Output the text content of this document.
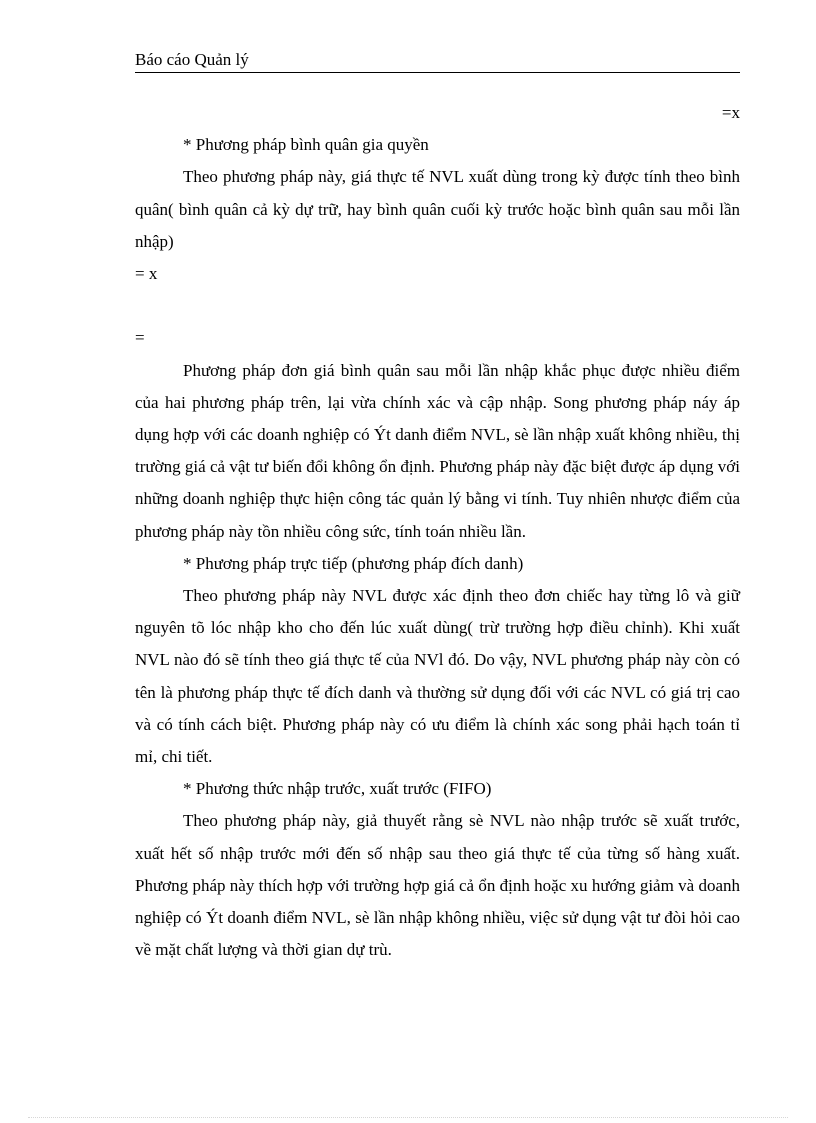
Báo cáo Quản lý

=x

* Phương pháp bình quân gia quyền

Theo phương pháp này, giá thực tế NVL xuất dùng trong kỳ được tính theo bình quân( bình quân cả kỳ dự trữ, hay bình quân cuối kỳ trước hoặc bình quân sau mỗi lần nhập)

= x

=

Phương pháp đơn giá bình quân sau mỗi lần nhập khắc phục được nhiều điểm của hai phương pháp trên, lại vừa chính xác và cập nhập. Song phương pháp náy áp dụng hợp với các doanh nghiệp có Ýt danh điểm NVL, sè lần nhập xuất không nhiều, thị trường giá cả vật tư biến đổi không ổn định. Phương pháp này đặc biệt được áp dụng với những doanh nghiệp thực hiện công tác quản lý bằng vi tính. Tuy nhiên nhược điểm của phương pháp này tồn nhiều công sức, tính toán nhiều lần.

* Phương pháp trực tiếp (phương pháp đích danh)

Theo phương pháp này NVL được xác định theo đơn chiếc hay từng lô và giữ nguyên tõ lóc nhập kho cho đến lúc xuất dùng( trừ trường hợp điều chỉnh). Khi xuất NVL nào đó sẽ tính theo giá thực tế của NVl đó. Do vậy, NVL phương pháp này còn có tên là phương pháp thực tế đích danh và thường sử dụng đối với các NVL có giá trị cao và có tính cách biệt. Phương pháp này có ưu điểm là chính xác song phải hạch toán tỉ mỉ, chi tiết.

* Phương thức nhập trước, xuất trước (FIFO)

Theo phương pháp này, giả thuyết rằng sè NVL nào nhập trước sẽ xuất trước, xuất hết số nhập trước mới đến số nhập sau theo giá thực tế của từng số hàng xuất. Phương pháp này thích hợp với trường hợp giá cả ổn định hoặc xu hướng giảm và doanh nghiệp có Ýt doanh điểm NVL, sè lần nhập không nhiều, việc sử dụng vật tư đòi hỏi cao về mặt chất lượng và thời gian dự trù.
